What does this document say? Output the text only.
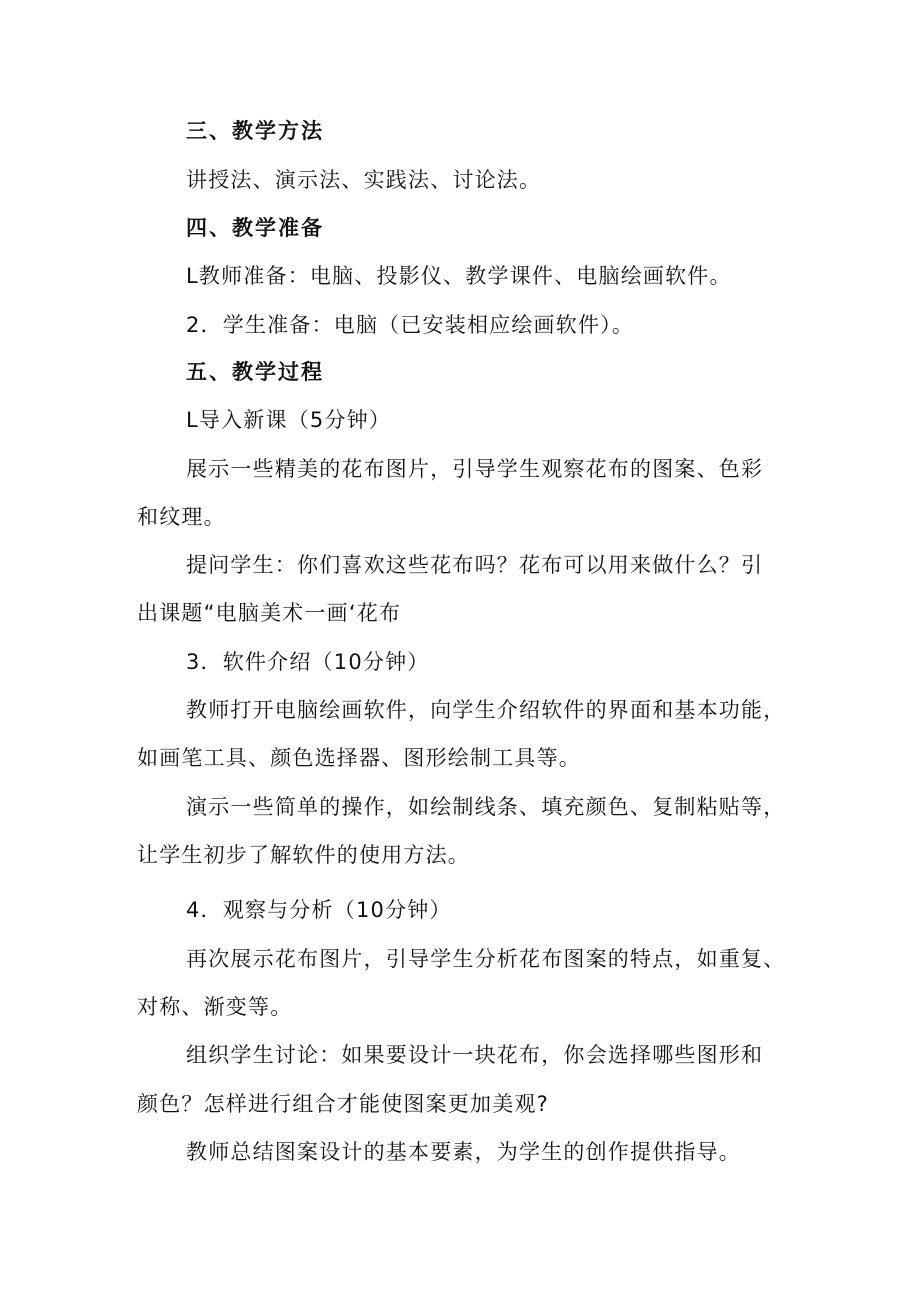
三、教学方法
讲授法、演示法、实践法、讨论法。
四、教学准备
L教师准备：电脑、投影仪、教学课件、电脑绘画软件。
2．学生准备：电脑（已安装相应绘画软件）。
五、教学过程
L导入新课（5分钟）
展示一些精美的花布图片，引导学生观察花布的图案、色彩
和纹理。
提问学生：你们喜欢这些花布吗？花布可以用来做什么？引
出课题“电脑美术一画‘花布
3．软件介绍（10分钟）
教师打开电脑绘画软件，向学生介绍软件的界面和基本功能，
如画笔工具、颜色选择器、图形绘制工具等。
演示一些简单的操作，如绘制线条、填充颜色、复制粘贴等，
让学生初步了解软件的使用方法。
4．观察与分析（10分钟）
再次展示花布图片，引导学生分析花布图案的特点，如重复、
对称、渐变等。
组织学生讨论：如果要设计一块花布，你会选择哪些图形和
颜色？怎样进行组合才能使图案更加美观?
教师总结图案设计的基本要素，为学生的创作提供指导。
